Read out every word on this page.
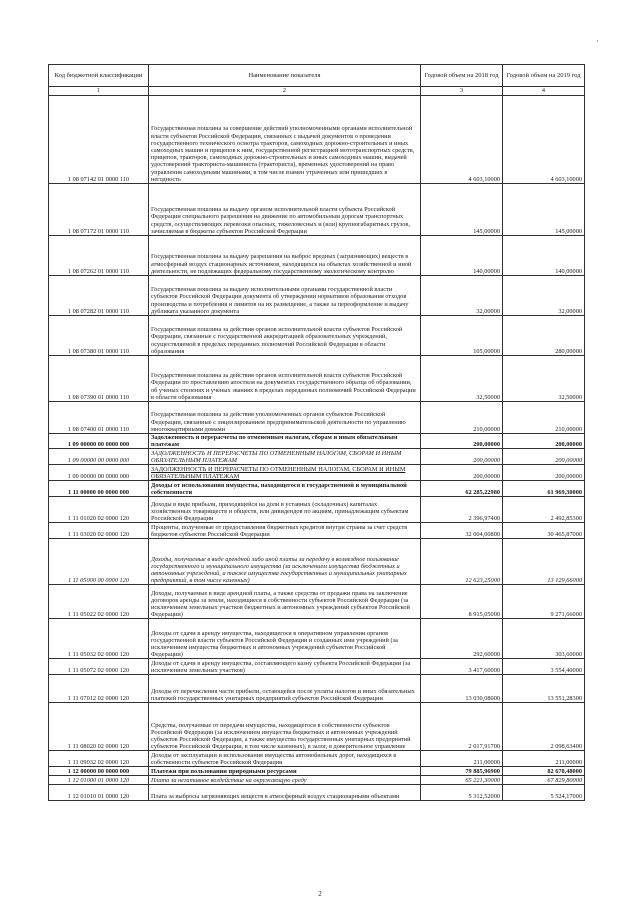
·
Код бюджетной классификации	Наименование показателя	Годовой объем на 2018 год	Годовой объем на 2019 год
1	2	3	4
1 08 07142 01 0000 110	Государственная пошлина за совершение действий уполномоченными органами исполнительной власти субъектов Российской Федерации, связанных с выдачей документов о проведении государственного технического осмотра тракторов, самоходных дорожно-строительных и иных самоходных машин и прицепов к ним, государственной регистрацией мототранспортных средств, прицепов, тракторов, самоходных дорожно-строительных и иных самоходных машин, выдачей удостоверений тракториста-машиниста (тракториста), временных удостоверений на право управления самоходными машинами, в том числе взамен утраченных или пришедших в негодность	4 603,10000	4 603,10000
1 08 07172 01 0000 110	Государственная пошлина за выдачу органом исполнительной власти субъекта Российской Федерации специального разрешения на движение по автомобильным дорогам транспортных средств, осуществляющих перевозки опасных, тяжеловесных и (или) крупногабаритных грузов, зачисляемая в бюджеты субъектов Российской Федерации	145,00000	145,00000
1 08 07262 01 0000 110	Государственная пошлина за выдачу разрешения на выброс вредных (загрязняющих) веществ в атмосферный воздух стационарных источников, находящихся на объектах хозяйственной и иной деятельности, не подлежащих федеральному государственному экологическому контролю	140,00000	140,00000
1 08 07282 01 0000 110	Государственная пошлина за выдачу исполнительными органами государственной власти субъектов Российской Федерации документа об утверждении нормативов образования отходов производства и потребления и лимитов на их размещение, а также за переоформление и выдачу дубликата указанного документа	32,00000	32,00000
1 08 07380 01 0000 110	Государственная пошлина за действия органов исполнительной власти субъектов Российской Федерации, связанные с государственной аккредитацией образовательных учреждений, осуществляемой в пределах переданных полномочий Российской Федерации в области образования	105,00000	280,00000
1 08 07390 01 0000 110	Государственная пошлина за действия органов исполнительной власти субъектов Российской Федерации по проставлению апостиля на документах государственного образца об образовании, об ученых степенях и ученых званиях в пределах переданных полномочий Российской Федерации в области образования	32,50000	32,50000
1 08 07400 01 0000 110	Государственная пошлина за действия уполномоченных органов субъектов Российской Федерации, связанные с лицензированием предпринимательской деятельности по управлению многоквартирными домами	210,00000	210,00000
1 09 00000 00 0000 000	Задолженность и перерасчеты по отмененным налогам, сборам и иным обязательным платежам	200,00000	200,00000
1 09 00000 00 0000 000	ЗАДОЛЖЕННОСТЬ И ПЕРЕРАСЧЕТЫ ПО ОТМЕНЕННЫМ НАЛОГАМ, СБОРАМ И ИНЫМ ОБЯЗАТЕЛЬНЫМ ПЛАТЕЖАМ	200,00000	200,00000
1 09 00000 00 0000 000	ЗАДОЛЖЕННОСТЬ И ПЕРЕРАСЧЕТЫ ПО ОТМЕНЕННЫМ НАЛОГАМ, СБОРАМ И ИНЫМ ОБЯЗАТЕЛЬНЫМ ПЛАТЕЖАМ	200,00000	200,00000
1 11 00000 00 0000 000	Доходы от использования имущества, находящегося в государственной и муниципальной собственности	62 285,22980	61 969,30000
1 11 01020 02 0000 120	Доходы в виде прибыли, приходящейся на доли в уставных (складочных) капиталах хозяйственных товариществ и обществ, или дивидендов по акциям, принадлежащим субъектам Российской Федерации	2 396,97400	2 492,85300
1 11 03020 02 0000 120	Проценты, полученные от предоставления бюджетных кредитов внутри страны за счет средств бюджетов субъектов Российской Федерации	32 004,00800	30 465,87000
1 11 05000 00 0000 120	Доходы, получаемые в виде арендной либо иной платы за передачу в возмездное пользование государственного и муниципального имущества (за исключением имущества бюджетных и автономных учреждений, а также имущества государственных и муниципальных унитарных предприятий, в том числе казенных)	12 623,25000	13 129,66000
1 11 05022 02 0000 120	Доходы, получаемые в виде арендной платы, а также средства от продажи права на заключение договоров аренды за земли, находящиеся в собственности субъектов Российской Федерации (за исключением земельных участков бюджетных и автономных учреждений субъектов Российской Федерации)	8 915,05000	9 271,66000
1 11 05032 02 0000 120	Доходы от сдачи в аренду имущества, находящегося в оперативном управлении органов государственной власти субъектов Российской Федерации и созданных ими учреждений (за исключением имущества бюджетных и автономных учреждений субъектов Российской Федерации)	292,60000	303,60000
1 11 05072 02 0000 120	Доходы от сдачи в аренду имущества, составляющего казну субъекта Российской Федерации (за исключением земельных участков)	3 417,60000	3 554,40000
1 11 07012 02 0000 120	Доходы от перечисления части прибыли, остающейся после уплаты налогов и иных обязательных платежей государственных унитарных предприятий субъектов Российской Федерации	13 030,08000	13 551,28300
1 11 08020 02 0000 120	Средства, получаемые от передачи имущества, находящегося в собственности субъектов Российской Федерации (за исключением имущества бюджетных и автономных учреждений субъектов Российской Федерации, а также имущества государственных унитарных предприятий субъектов Российской Федерации, в том числе казенных), в залог, в доверительное управление	2 017,91700	2 098,63400
1 11 09032 02 0000 120	Доходы от эксплуатации и использования имущества автомобильных дорог, находящихся в собственности субъектов Российской Федерации	211,00000	211,00000
1 12 00000 00 0000 000	Платежи при пользовании природными ресурсами	79 885,96900	82 670,48000
1 12 01000 01 0000 120	Плата за негативное воздействие на окружающую среду	65 221,30000	67 829,80000
1 12 01010 01 0000 120	Плата за выбросы загрязняющих веществ в атмосферный воздух стационарными объектами	5 312,52000	5 524,17000
2
